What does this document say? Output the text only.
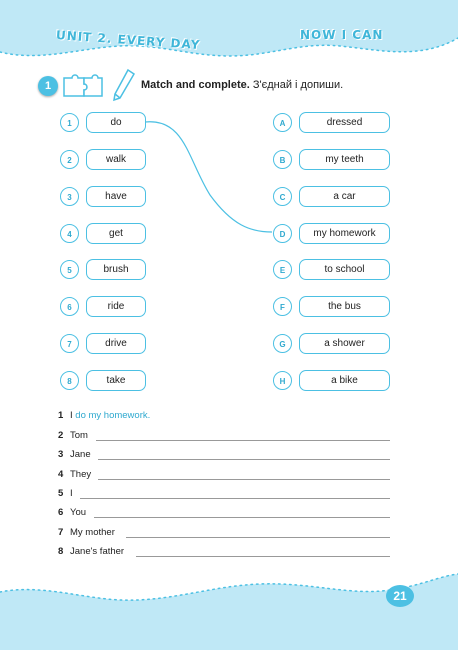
UNIT 2. EVERY DAY	NOW I CAN
1	Match and complete. З'єднай і допиши.
1	do
2	walk
3	have
4	get
5	brush
6	ride
7	drive
8	take
A	dressed
B	my teeth
C	a car
D	my homework
E	to school
F	the bus
G	a shower
H	a bike
1 I do my homework.
2 Tom
3 Jane
4 They
5 I
6 You
7 My mother
8 Jane's father
21
